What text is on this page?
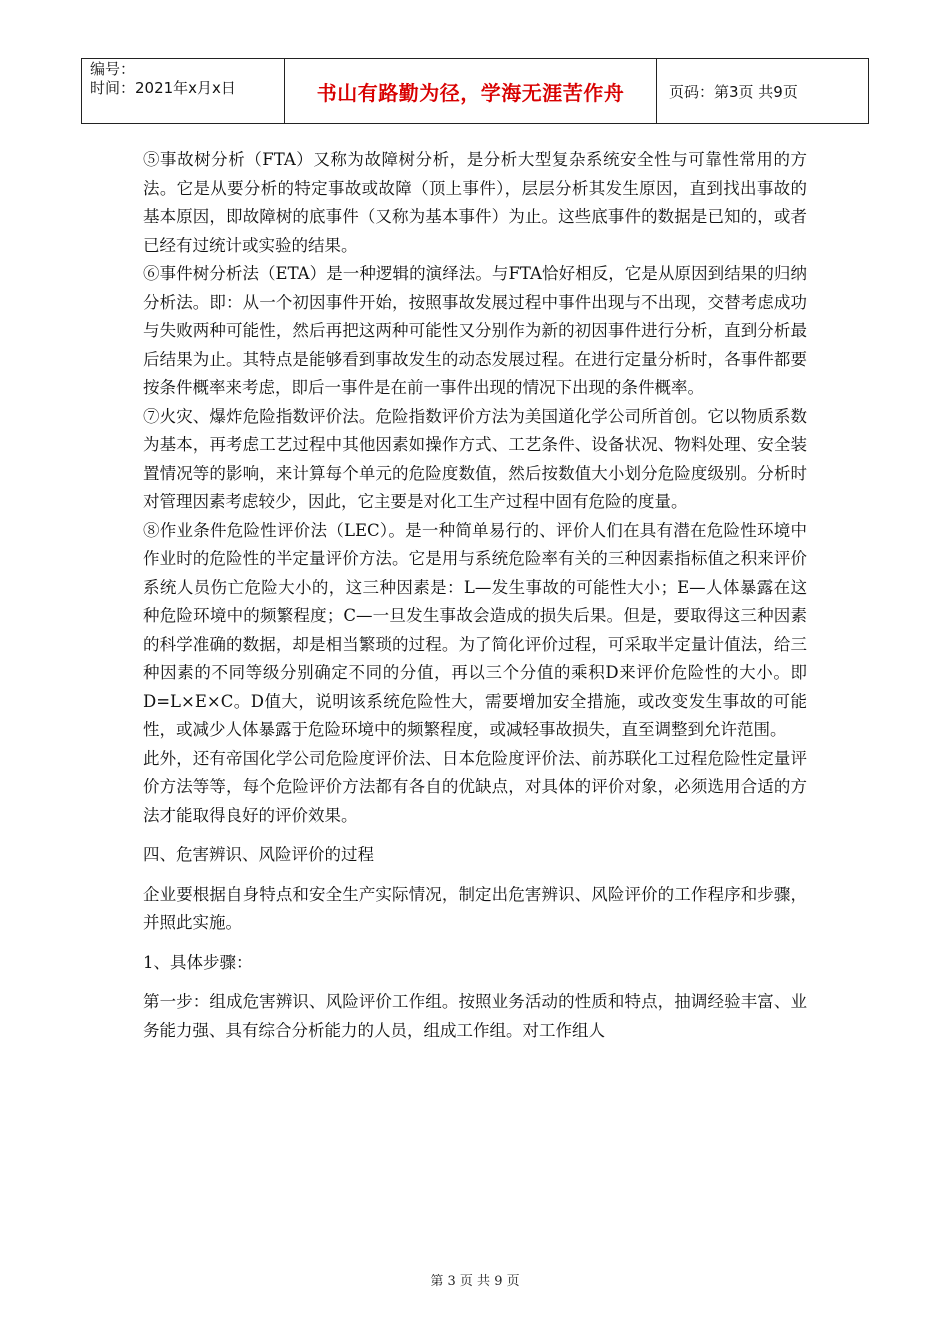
编号：
时间：2021年x月x日	书山有路勤为径，学海无涯苦作舟	页码：第3页 共9页

⑤事故树分析（FTA）又称为故障树分析，是分析大型复杂系统安全性与可靠性常用的方法。它是从要分析的特定事故或故障（顶上事件），层层分析其发生原因，直到找出事故的基本原因，即故障树的底事件（又称为基本事件）为止。这些底事件的数据是已知的，或者已经有过统计或实验的结果。

⑥事件树分析法（ETA）是一种逻辑的演绎法。与FTA恰好相反，它是从原因到结果的归纳分析法。即：从一个初因事件开始，按照事故发展过程中事件出现与不出现，交替考虑成功与失败两种可能性，然后再把这两种可能性又分别作为新的初因事件进行分析，直到分析最后结果为止。其特点是能够看到事故发生的动态发展过程。在进行定量分析时，各事件都要按条件概率来考虑，即后一事件是在前一事件出现的情况下出现的条件概率。

⑦火灾、爆炸危险指数评价法。危险指数评价方法为美国道化学公司所首创。它以物质系数为基本，再考虑工艺过程中其他因素如操作方式、工艺条件、设备状况、物料处理、安全装置情况等的影响，来计算每个单元的危险度数值，然后按数值大小划分危险度级别。分析时对管理因素考虑较少，因此，它主要是对化工生产过程中固有危险的度量。

⑧作业条件危险性评价法（LEC）。是一种简单易行的、评价人们在具有潜在危险性环境中作业时的危险性的半定量评价方法。它是用与系统危险率有关的三种因素指标值之积来评价系统人员伤亡危险大小的，这三种因素是：L—发生事故的可能性大小；E—人体暴露在这种危险环境中的频繁程度；C—一旦发生事故会造成的损失后果。但是，要取得这三种因素的科学准确的数据，却是相当繁琐的过程。为了简化评价过程，可采取半定量计值法，给三种因素的不同等级分别确定不同的分值，再以三个分值的乘积D来评价危险性的大小。即D=L×E×C。D值大，说明该系统危险性大，需要增加安全措施，或改变发生事故的可能性，或减少人体暴露于危险环境中的频繁程度，或减轻事故损失，直至调整到允许范围。

此外，还有帝国化学公司危险度评价法、日本危险度评价法、前苏联化工过程危险性定量评价方法等等，每个危险评价方法都有各自的优缺点，对具体的评价对象，必须选用合适的方法才能取得良好的评价效果。

四、危害辨识、风险评价的过程

企业要根据自身特点和安全生产实际情况，制定出危害辨识、风险评价的工作程序和步骤，并照此实施。

1、具体步骤：

第一步：组成危害辨识、风险评价工作组。按照业务活动的性质和特点，抽调经验丰富、业务能力强、具有综合分析能力的人员，组成工作组。对工作组人

第 3 页 共 9 页
